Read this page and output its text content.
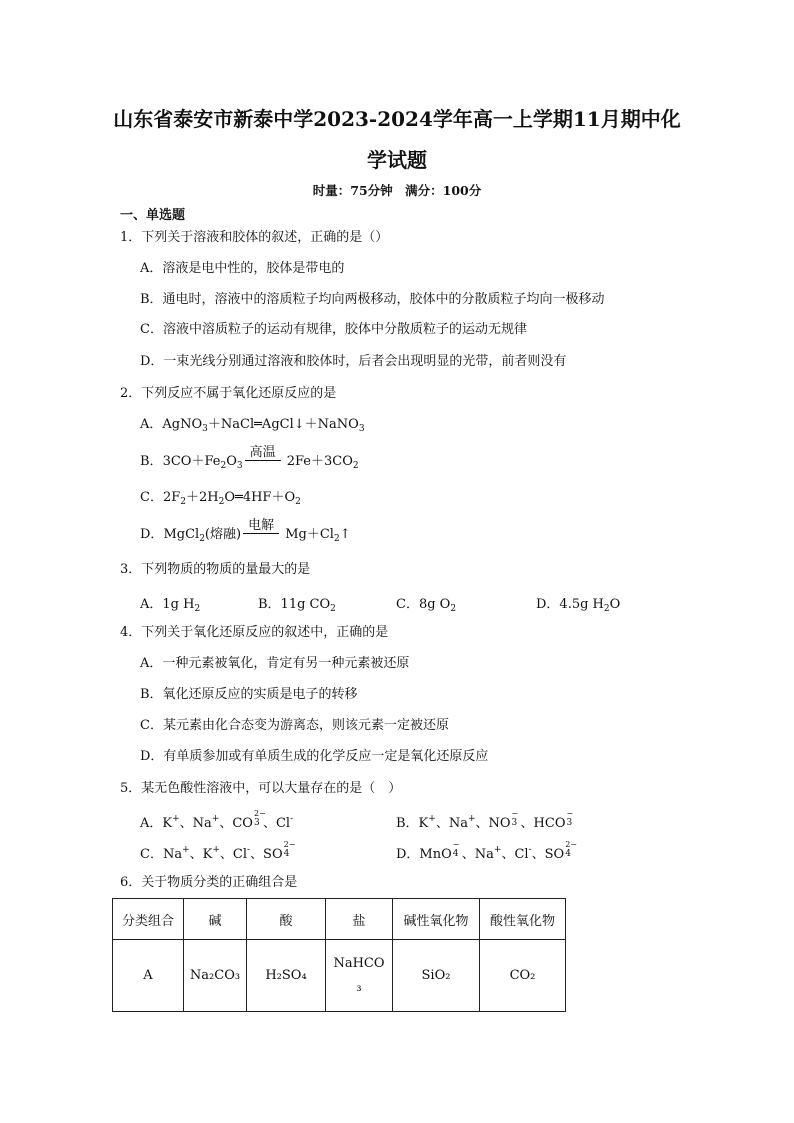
山东省泰安市新泰中学2023-2024学年高一上学期11月期中化
学试题
时量：75分钟　满分：100分
一、单选题
1．下列关于溶液和胶体的叙述，正确的是（）
A．溶液是电中性的，胶体是带电的
B．通电时，溶液中的溶质粒子均向两极移动，胶体中的分散质粒子均向一极移动
C．溶液中溶质粒子的运动有规律，胶体中分散质粒子的运动无规律
D．一束光线分别通过溶液和胶体时，后者会出现明显的光带，前者则没有
2．下列反应不属于氧化还原反应的是
A．AgNO$_3$＋NaCl═AgCl↓＋NaNO$_3$
B．$3CO+Fe_2O_3$
高温
$2Fe+3CO_2$
C．$2F_2+2H_2O═4HF+O_2$
D．MgCl$_2$(熔融)
电解
$Mg+Cl_2↑$
3．下列物质的物质的量最大的是
A．1g $H_2$	B．11g $CO_2$	C．8g $O_2$	D．4.5g $H_2O$
4．下列关于氧化还原反应的叙述中，正确的是
A．一种元素被氧化，肯定有另一种元素被还原
B．氧化还原反应的实质是电子的转移
C．某元素由化合态变为游离态，则该元素一定被还原
D．有单质参加或有单质生成的化学反应一定是氧化还原反应
5．某无色酸性溶液中，可以大量存在的是（　）
A．K+、Na+、CO
2−
3 、Cl-	B．K+、Na+、NO
−
3 、HCO
−
3
C．Na+、K+、Cl-、SO
2−
4	D．MnO
−
4 、Na+、Cl-、SO
2−
4
6．关于物质分类的正确组合是
分类组合	碱	酸	盐	碱性氧化物	酸性氧化物
A	Na₂CO₃	H₂SO₄	NaHCO₃	SiO₂	CO₂
